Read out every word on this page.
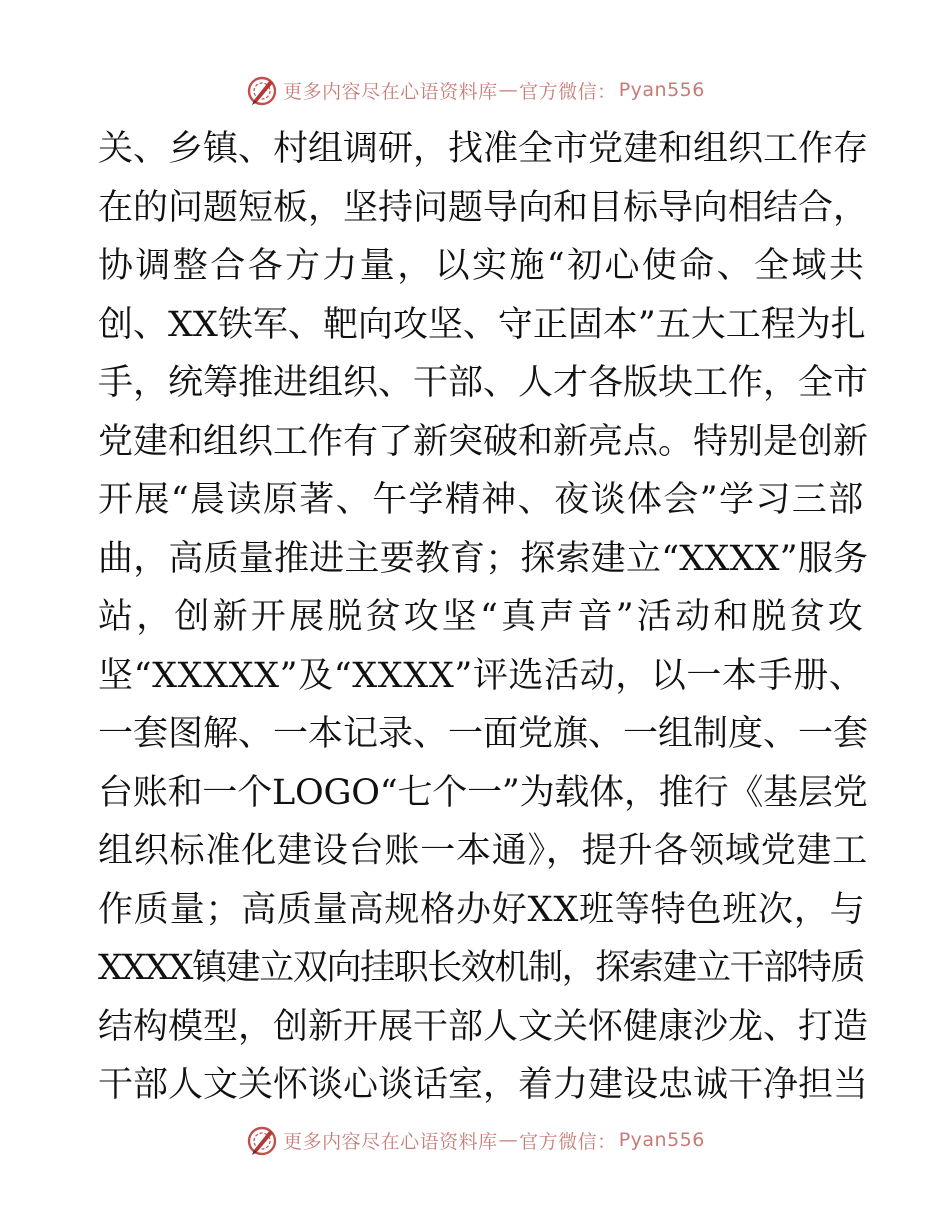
更多内容尽在心语资料库 — 官方微信： Pyan556
关、乡镇、村组调研，找准全市党建和组织工作存
在的问题短板，坚持问题导向和目标导向相结合，
协调整合各方力量，以实施“初心使命、全域共
创、XX铁军、靶向攻坚、守正固本”五大工程为扎
手，统筹推进组织、干部、人才各版块工作，全市
党建和组织工作有了新突破和新亮点。特别是创新
开展“晨读原著、午学精神、夜谈体会”学习三部
曲，高质量推进主要教育；探索建立“XXXX”服务
站，创新开展脱贫攻坚“真声音”活动和脱贫攻
坚“XXXXX”及“XXXX”评选活动，以一本手册、
一套图解、一本记录、一面党旗、一组制度、一套
台账和一个LOGO“七个一”为载体，推行《基层党
组织标准化建设台账一本通》，提升各领域党建工
作质量；高质量高规格办好XX班等特色班次，与
XXXX镇建立双向挂职长效机制，探索建立干部特质
结构模型，创新开展干部人文关怀健康沙龙、打造
干部人文关怀谈心谈话室，着力建设忠诚干净担当
更多内容尽在心语资料库 — 官方微信： Pyan556
